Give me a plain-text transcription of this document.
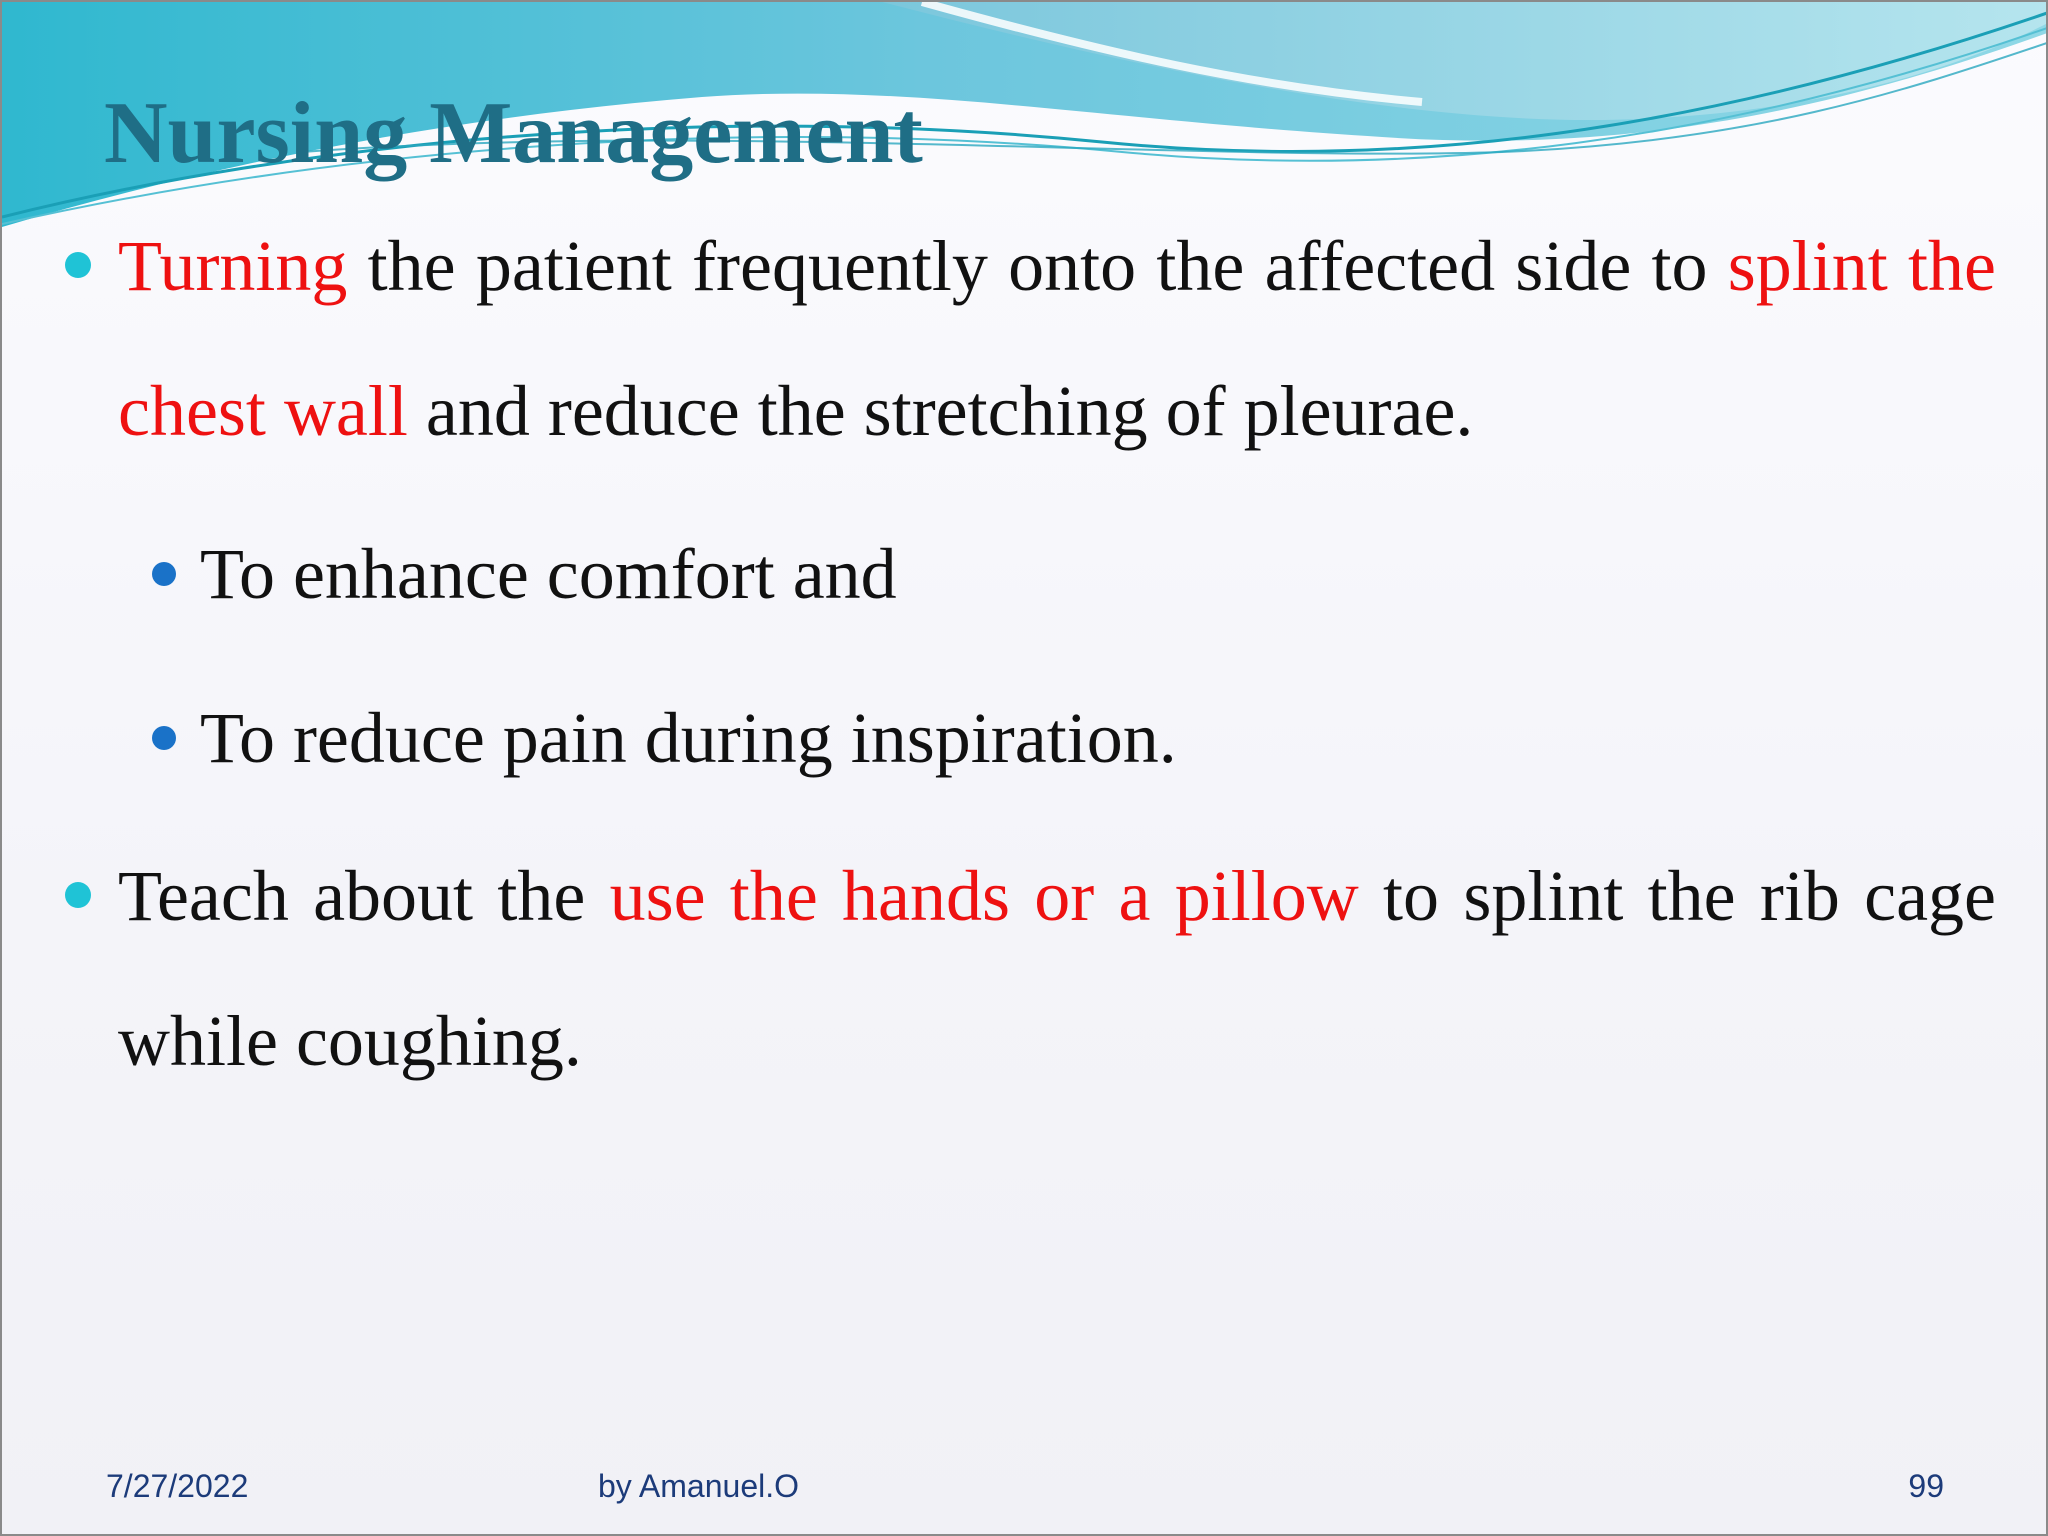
Nursing Management
Turning the patient frequently onto the affected side to splint the chest wall and reduce the stretching of pleurae.
To enhance comfort and
To reduce pain during inspiration.
Teach about the use the hands or a pillow to splint the rib cage while coughing.
7/27/2022	by Amanuel.O	99
